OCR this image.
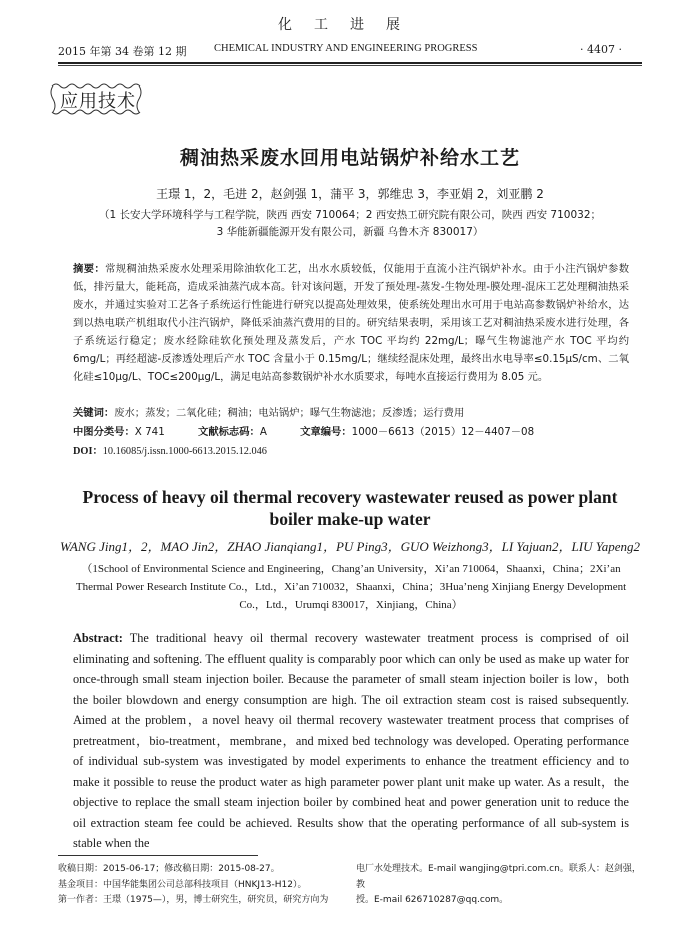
化工进展
2015 年第 34 卷第 12 期	CHEMICAL INDUSTRY AND ENGINEERING PROGRESS	· 4407 ·
应用技术
稠油热采废水回用电站锅炉补给水工艺
王璟 1，2，毛进 2，赵剑强 1，蒲平 3，郭维忠 3，李亚娟 2，刘亚鹏 2
（1 长安大学环境科学与工程学院，陕西 西安 710064；2 西安热工研究院有限公司，陕西 西安 710032；
3 华能新疆能源开发有限公司，新疆 乌鲁木齐 830017）
摘要：常规稠油热采废水处理采用除油软化工艺，出水水质较低，仅能用于直流小注汽锅炉补水。由于小注汽锅炉参数低，排污量大，能耗高，造成采油蒸汽成本高。针对该问题，开发了预处理-蒸发-生物处理-膜处理-混床工艺处理稠油热采废水，并通过实验对工艺各子系统运行性能进行研究以提高处理效果，使系统处理出水可用于电站高参数锅炉补给水，达到以热电联产机组取代小注汽锅炉，降低采油蒸汽费用的目的。研究结果表明，采用该工艺对稠油热采废水进行处理，各子系统运行稳定；废水经除硅软化预处理及蒸发后，产水 TOC 平均约 22mg/L；曝气生物滤池产水 TOC 平均约 6mg/L；再经超滤-反渗透处理后产水 TOC 含量小于 0.15mg/L；继续经混床处理，最终出水电导率≤0.15μS/cm、二氧化硅≤10μg/L、TOC≤200μg/L，满足电站高参数锅炉补水水质要求，每吨水直接运行费用为 8.05 元。
关键词：废水；蒸发；二氧化硅；稠油；电站锅炉；曝气生物滤池；反渗透；运行费用
中图分类号：X 741	文献标志码：A	文章编号：1000－6613（2015）12－4407－08
DOI：10.16085/j.issn.1000-6613.2015.12.046
Process of heavy oil thermal recovery wastewater reused as power plant
boiler make-up water
WANG Jing1，2，MAO Jin2，ZHAO Jianqiang1，PU Ping3，GUO Weizhong3，LI Yajuan2，LIU Yapeng2
（1School of Environmental Science and Engineering，Chang’an University，Xi’an 710064，Shaanxi，China；2Xi’an
Thermal Power Research Institute Co.，Ltd.，Xi’an 710032，Shaanxi，China；3Hua’neng Xinjiang Energy Development
Co.，Ltd.，Urumqi 830017，Xinjiang，China）
Abstract: The traditional heavy oil thermal recovery wastewater treatment process is comprised of oil eliminating and softening. The effluent quality is comparably poor which can only be used as make up water for once-through small steam injection boiler. Because the parameter of small steam injection boiler is low，both the boiler blowdown and energy consumption are high. The oil extraction steam cost is raised subsequently. Aimed at the problem，a novel heavy oil thermal recovery wastewater treatment process that comprises of pretreatment，bio-treatment，membrane，and mixed bed technology was developed. Operating performance of individual sub-system was investigated by model experiments to enhance the treatment efficiency and to make it possible to reuse the product water as high parameter power plant unit make up water. As a result，the objective to replace the small steam injection boiler by combined heat and power generation unit to reduce the oil extraction steam fee could be achieved. Results show that the operating performance of all sub-system is stable when the
收稿日期：2015-06-17；修改稿日期：2015-08-27。
基金项目：中国华能集团公司总部科技项目（HNKJ13-H12）。
第一作者：王璟（1975—），男，博士研究生，研究员，研究方向为
电厂水处理技术。E-mail wangjing@tpri.com.cn。联系人：赵剑强，教
授。E-mail 626710287@qq.com。
